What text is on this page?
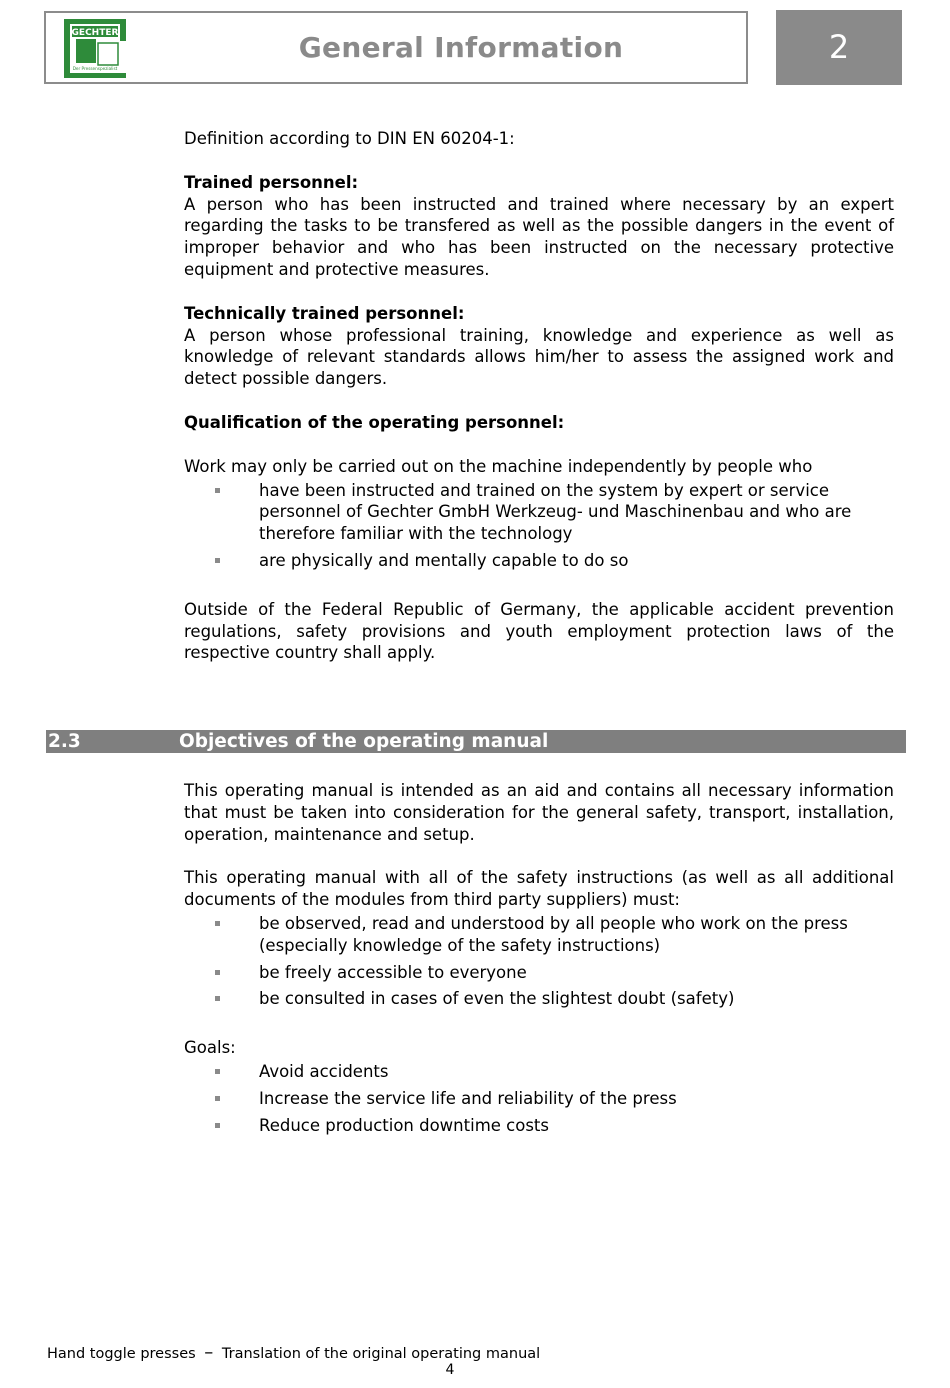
GECHTER
Der Pressenspezialist
General Information	2

Definition according to DIN EN 60204-1:

Trained personnel:

A person who has been instructed and trained where necessary by an expert regarding the tasks to be transfered as well as the possible dangers in the event of improper behavior and who has been instructed on the necessary protective equipment and protective measures.

Technically trained personnel:

A person whose professional training, knowledge and experience as well as knowledge of relevant standards allows him/her to assess the assigned work and detect possible dangers.

Qualification of the operating personnel:

Work may only be carried out on the machine independently by people who

have been instructed and trained on the system by expert or service personnel of Gechter GmbH Werkzeug- und Maschinenbau and who are therefore familiar with the technology
are physically and mentally capable to do so

Outside of the Federal Republic of Germany, the applicable accident prevention regulations, safety provisions and youth employment protection laws of the respective country shall apply.

2.3	Objectives of the operating manual

This operating manual is intended as an aid and contains all necessary information that must be taken into consideration for the general safety, transport, installation, operation, maintenance and setup.

This operating manual with all of the safety instructions (as well as all additional documents of the modules from third party suppliers) must:

be observed, read and understood by all people who work on the press (especially knowledge of the safety instructions)
be freely accessible to everyone
be consulted in cases of even the slightest doubt (safety)

Goals:

Avoid accidents
Increase the service life and reliability of the press
Reduce production downtime costs
Hand toggle presses – Translation of the original operating manual
4
